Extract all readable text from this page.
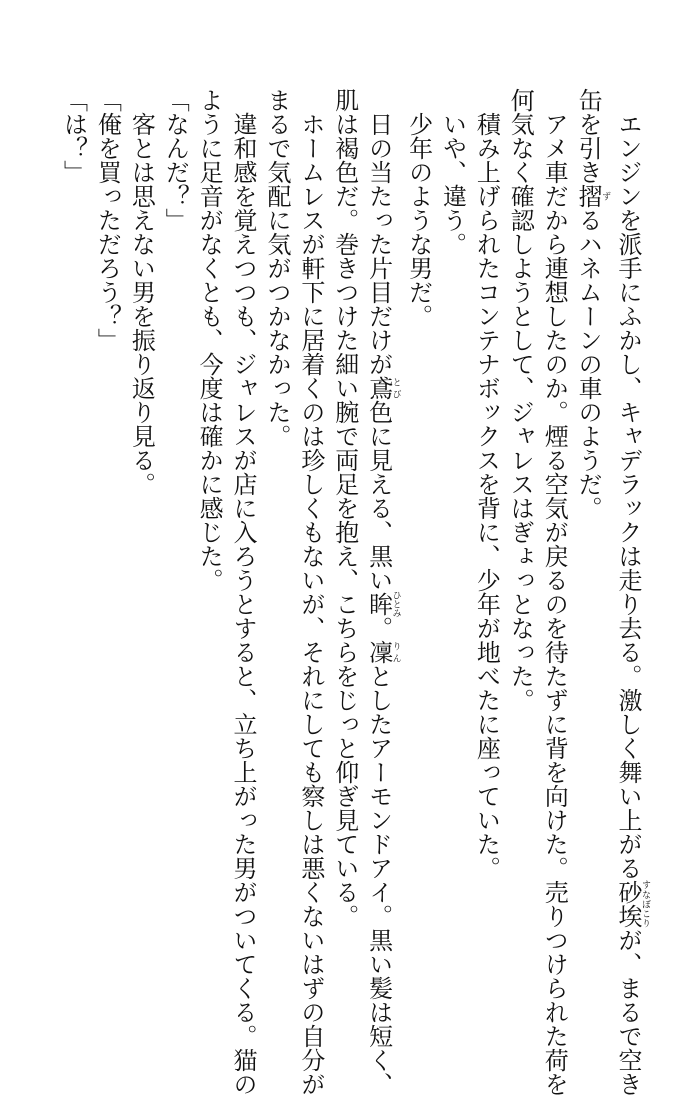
エンジンを派手にふかし、キャデラックは走り去る。激しく舞い上がる砂埃すなぼこりが、まるで空き
缶を引き摺ずるハネムーンの車のようだ。
アメ車だから連想したのか。煙る空気が戻るのを待たずに背を向けた。売りつけられた荷を
何気なく確認しようとして、ジャレスはぎょっとなった。
積み上げられたコンテナボックスを背に、少年が地べたに座っていた。
いや、違う。
少年のような男だ。
日の当たった片目だけが鳶とび色に見える、黒い眸ひとみ。凜りんとしたアーモンドアイ。黒い髪は短く、
肌は褐色だ。巻きつけた細い腕で両足を抱え、こちらをじっと仰ぎ見ている。
ホームレスが軒下に居着くのは珍しくもないが、それにしても察しは悪くないはずの自分が
まるで気配に気がつかなかった。
違和感を覚えつつも、ジャレスが店に入ろうとすると、立ち上がった男がついてくる。猫の
ように足音がなくとも、今度は確かに感じた。
「なんだ？」
客とは思えない男を振り返り見る。
「俺を買っただろう？」
「は？」
